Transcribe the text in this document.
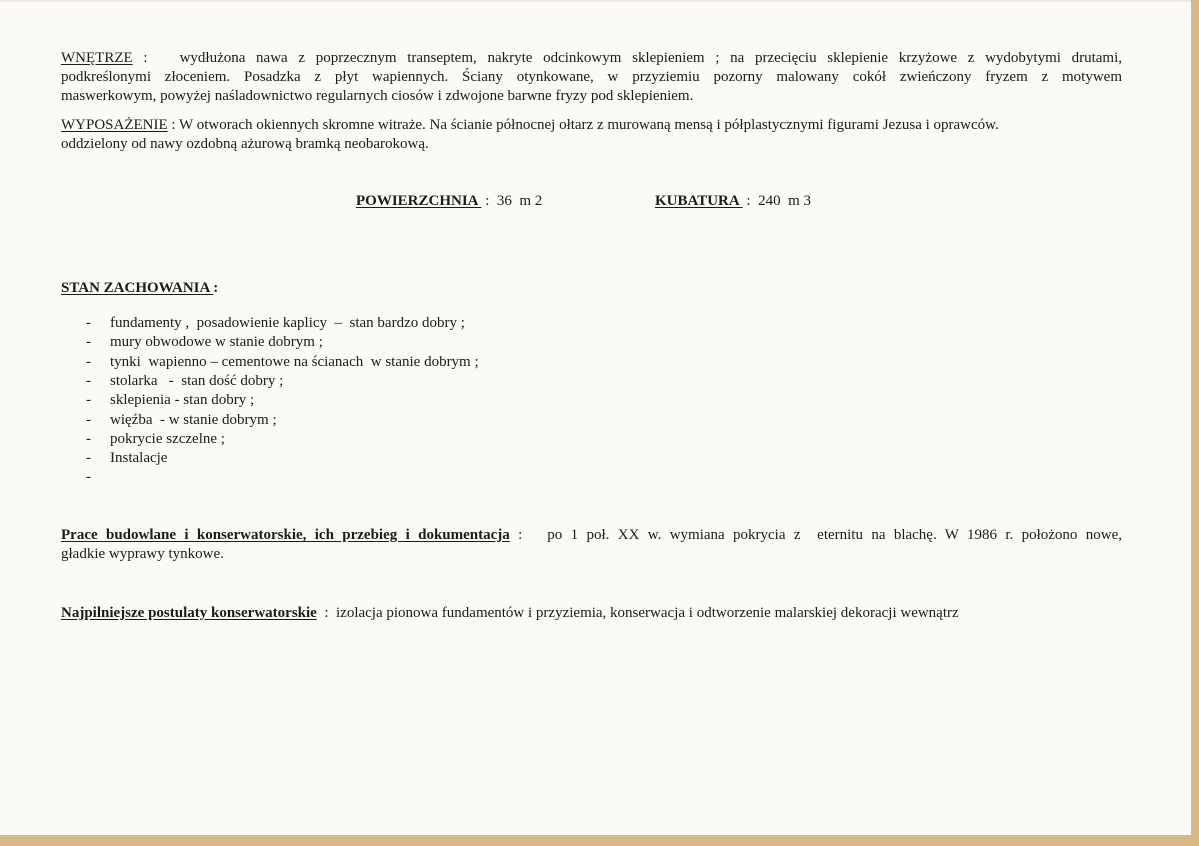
WNĘTRZE :   wydłużona nawa z poprzecznym transeptem, nakryte odcinkowym sklepieniem ; na przecięciu sklepienie krzyżowe z wydobytymi drutami,
podkreślonymi złoceniem. Posadzka z płyt wapiennych. Ściany otynkowane, w przyziemiu pozorny malowany cokół zwieńczony fryzem z motywem
maswerkowym, powyżej naśladownictwo regularnych ciosów i zdwojone barwne fryzy pod sklepieniem.
WYPOSAŻENIE : W otworach okiennych skromne witraże. Na ścianie północnej ołtarz z murowaną mensą i półplastycznymi figurami Jezusa i oprawców.
oddzielony od nawy ozdobną ażurową bramką neobarokową.
POWIERZCHNIA  :  36  m 2	KUBATURA  :  240  m 3
STAN ZACHOWANIA :
- fundamenty ,  posadowienie kaplicy  –  stan bardzo dobry ;
- mury obwodowe w stanie dobrym ;
- tynki  wapienno – cementowe na ścianach  w stanie dobrym ;
- stolarka   -  stan dość dobry ;
- sklepienia - stan dobry ;
- więźba  - w stanie dobrym ;
- pokrycie szczelne ;
- Instalacje
-
Prace budowlane i konserwatorskie, ich przebieg i dokumentacja :   po 1 poł. XX w. wymiana pokrycia z  eternitu na blachę. W 1986 r. położono nowe,
gładkie wyprawy tynkowe.
Najpilniejsze postulaty konserwatorskie  :  izolacja pionowa fundamentów i przyziemia, konserwacja i odtworzenie malarskiej dekoracji wewnątrz
